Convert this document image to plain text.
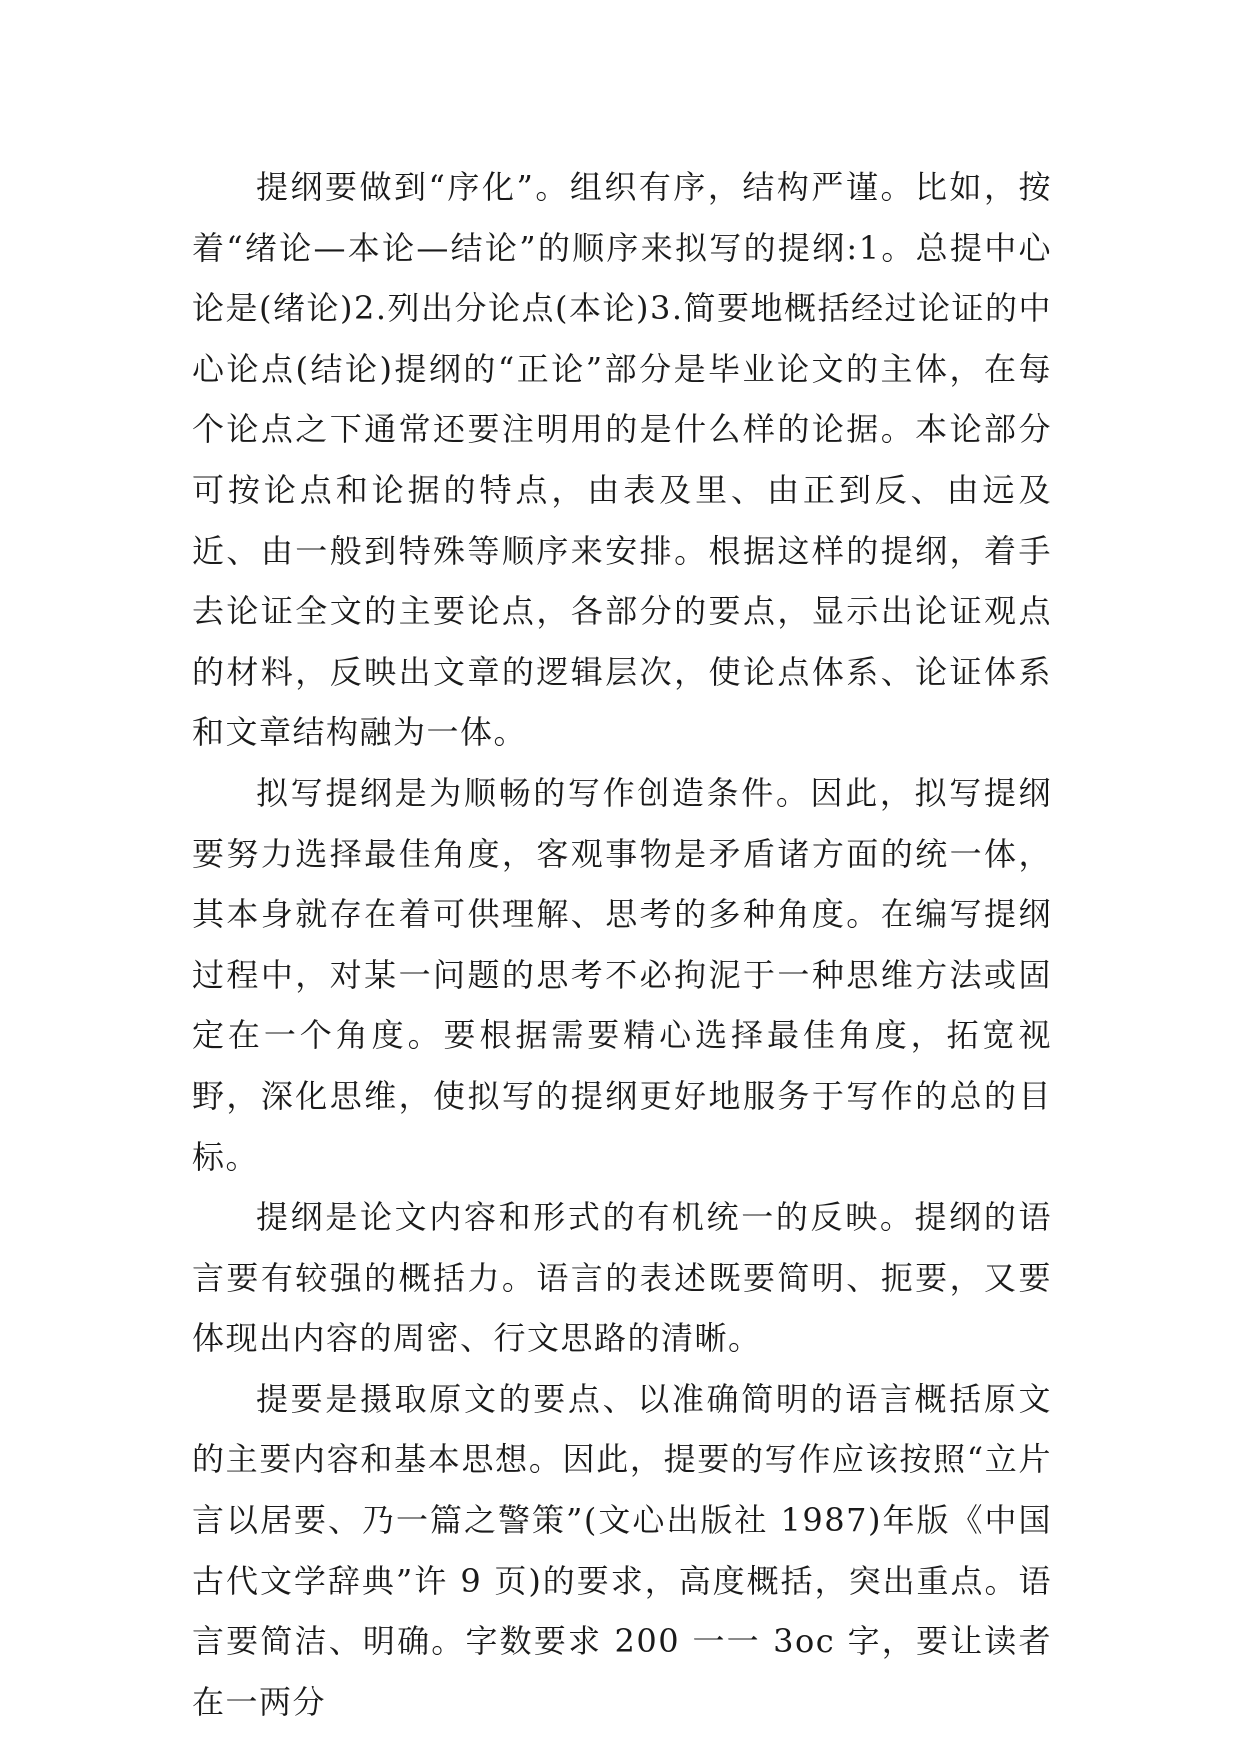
提纲要做到“序化”。组织有序，结构严谨。比如，按着“绪论—本论—结论”的顺序来拟写的提纲:1。总提中心论是(绪论)2.列出分论点(本论)3.简要地概括经过论证的中心论点(结论)提纲的“正论”部分是毕业论文的主体，在每个论点之下通常还要注明用的是什么样的论据。本论部分可按论点和论据的特点，由表及里、由正到反、由远及近、由一般到特殊等顺序来安排。根据这样的提纲，着手去论证全文的主要论点，各部分的要点，显示出论证观点的材料，反映出文章的逻辑层次，使论点体系、论证体系和文章结构融为一体。

拟写提纲是为顺畅的写作创造条件。因此，拟写提纲要努力选择最佳角度，客观事物是矛盾诸方面的统一体，其本身就存在着可供理解、思考的多种角度。在编写提纲过程中，对某一问题的思考不必拘泥于一种思维方法或固定在一个角度。要根据需要精心选择最佳角度，拓宽视野，深化思维，使拟写的提纲更好地服务于写作的总的目标。

提纲是论文内容和形式的有机统一的反映。提纲的语言要有较强的概括力。语言的表述既要简明、扼要，又要体现出内容的周密、行文思路的清晰。

提要是摄取原文的要点、以准确简明的语言概括原文的主要内容和基本思想。因此，提要的写作应该按照“立片言以居要、乃一篇之警策”(文心出版社 1987)年版《中国古代文学辞典”许 9 页)的要求，高度概括，突出重点。语言要简洁、明确。字数要求 200 一一 3oc 字，要让读者在一两分
